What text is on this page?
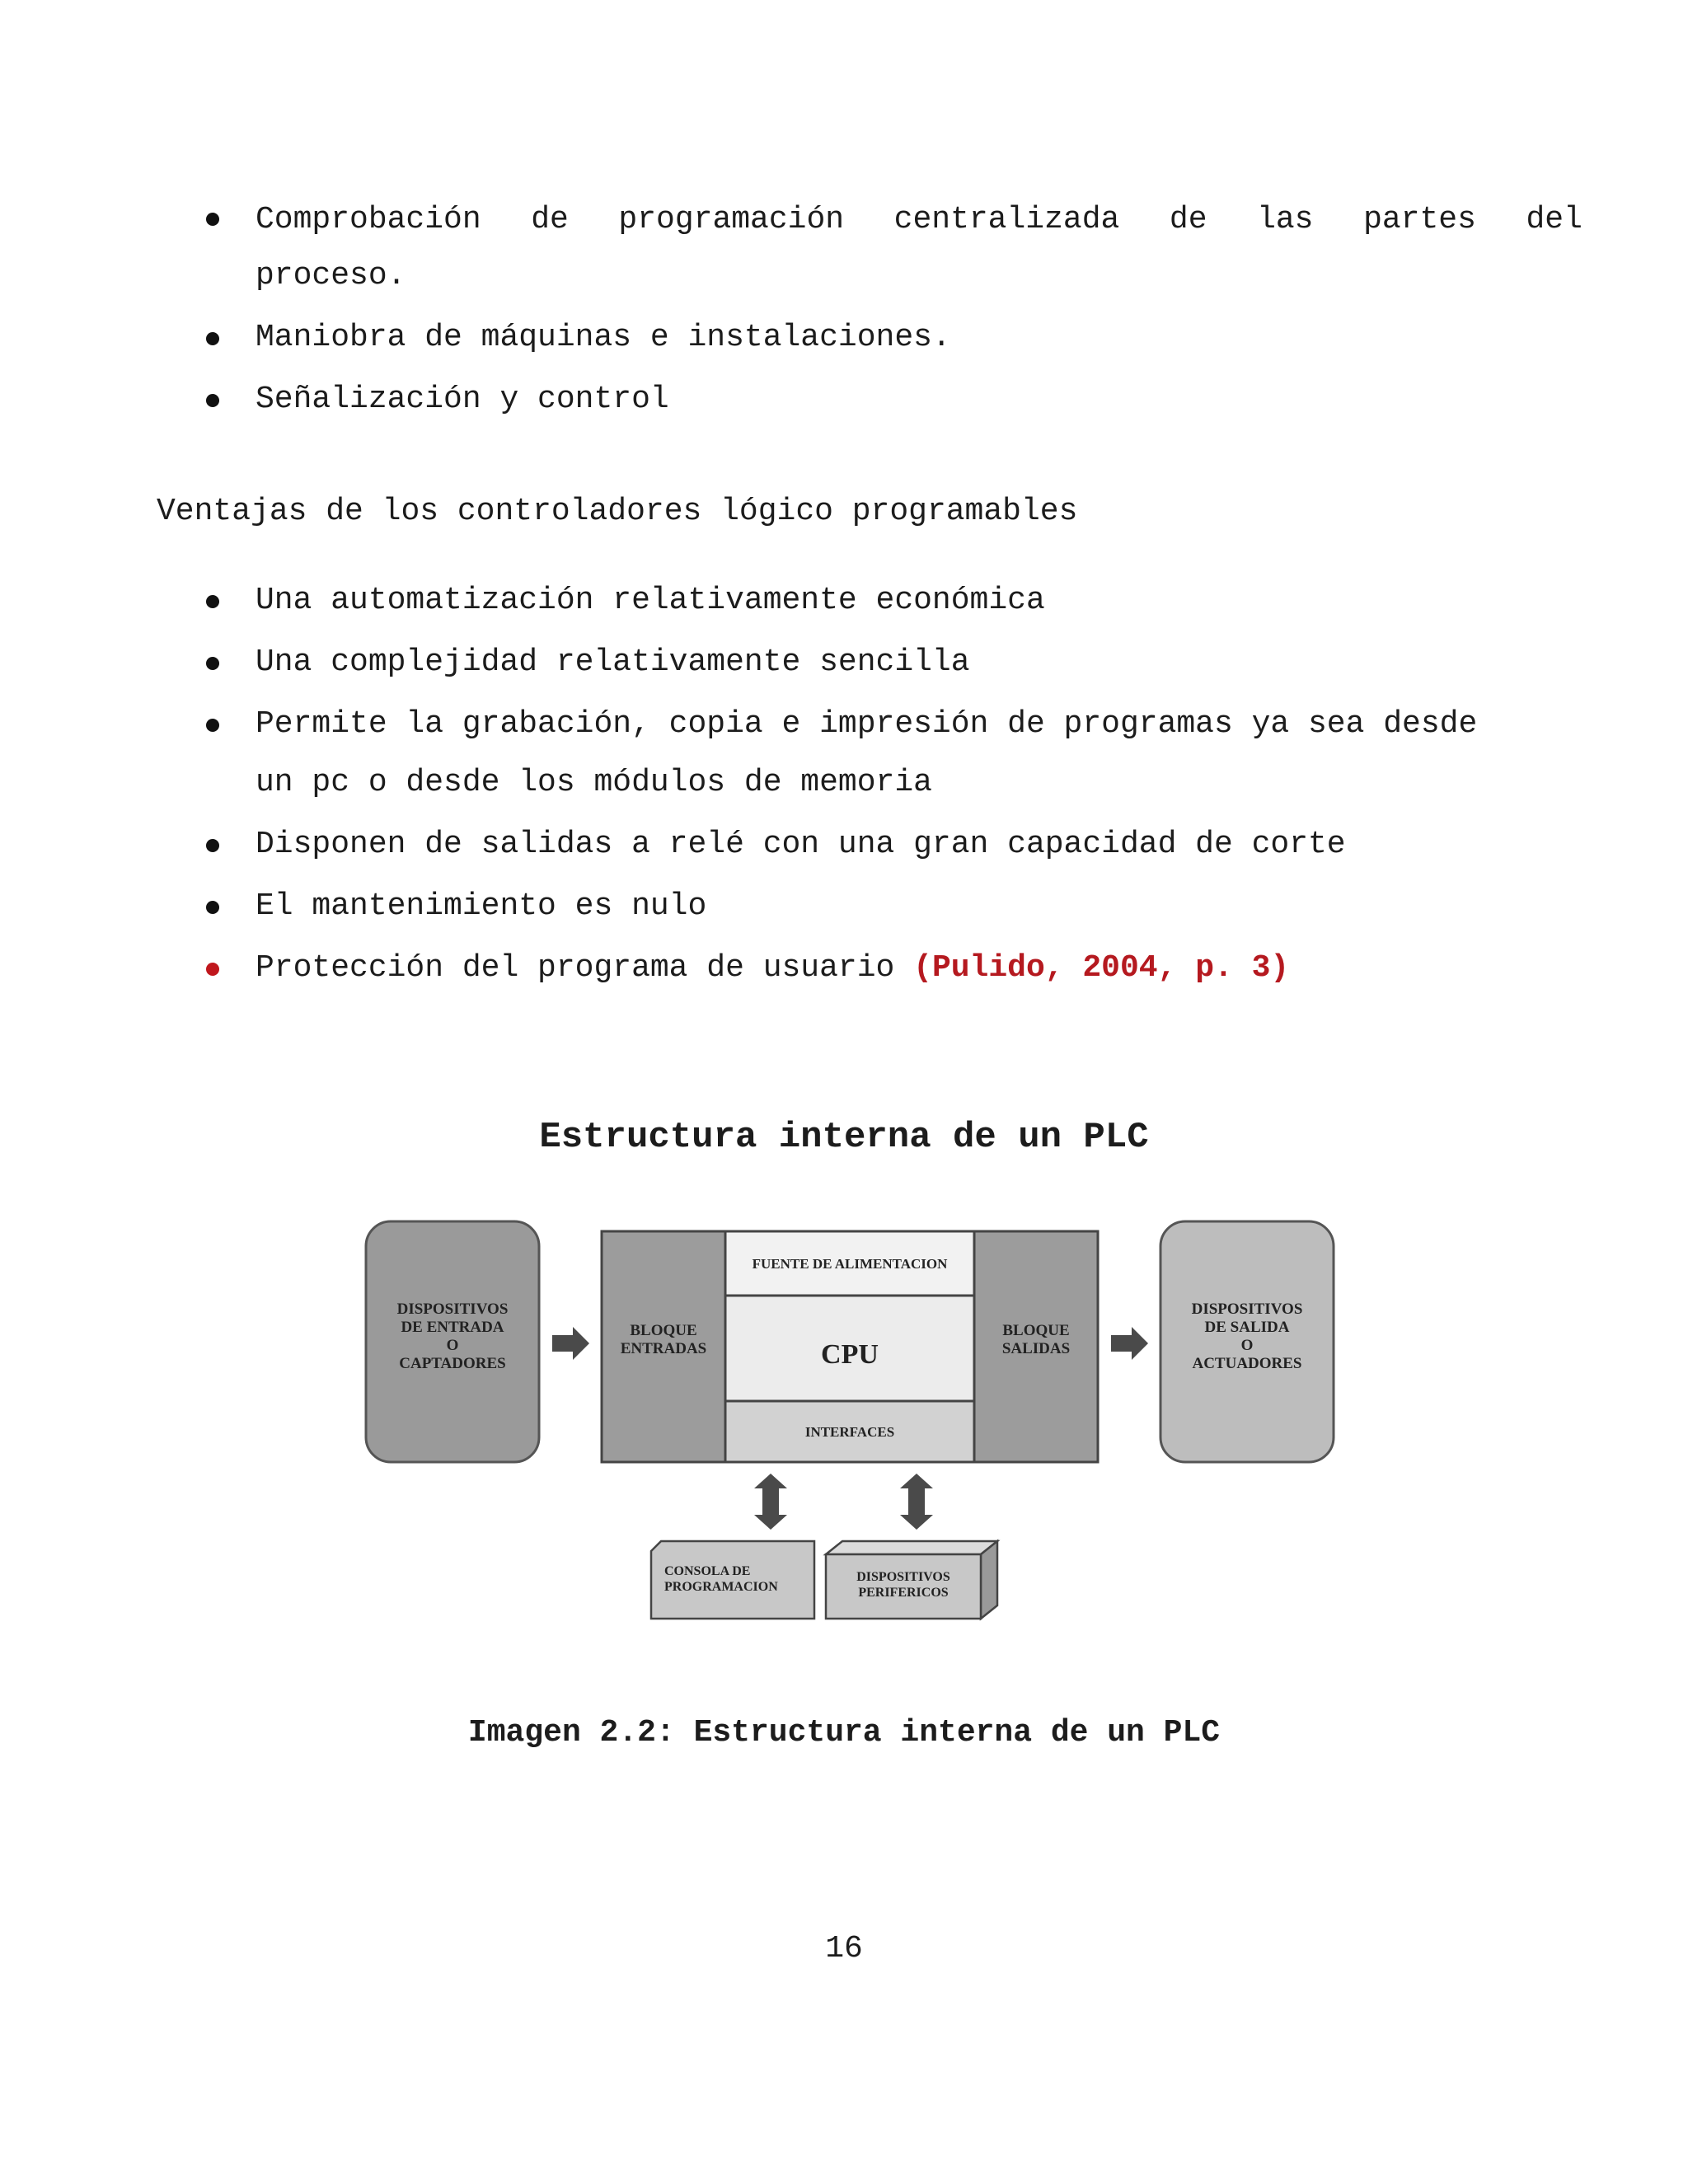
Comprobación de programación centralizada de las partes del
proceso.
Maniobra de máquinas e instalaciones.
Señalización y control
Ventajas de los controladores lógico programables
Una automatización relativamente económica
Una complejidad relativamente sencilla
Permite la grabación, copia e impresión de programas ya sea desde
un pc o desde los módulos de memoria
Disponen de salidas a relé con una gran capacidad de corte
El mantenimiento es nulo
Protección del programa de usuario (Pulido, 2004, p. 3)
Estructura interna de un PLC
DISPOSITIVOS
DE ENTRADA
O
CAPTADORES
BLOQUE
ENTRADAS
BLOQUE
SALIDAS
FUENTE DE ALIMENTACION
CPU
INTERFACES
DISPOSITIVOS
DE SALIDA
O
ACTUADORES
CONSOLA DE
PROGRAMACION
DISPOSITIVOS
PERIFERICOS
Imagen 2.2: Estructura interna de un PLC
16
